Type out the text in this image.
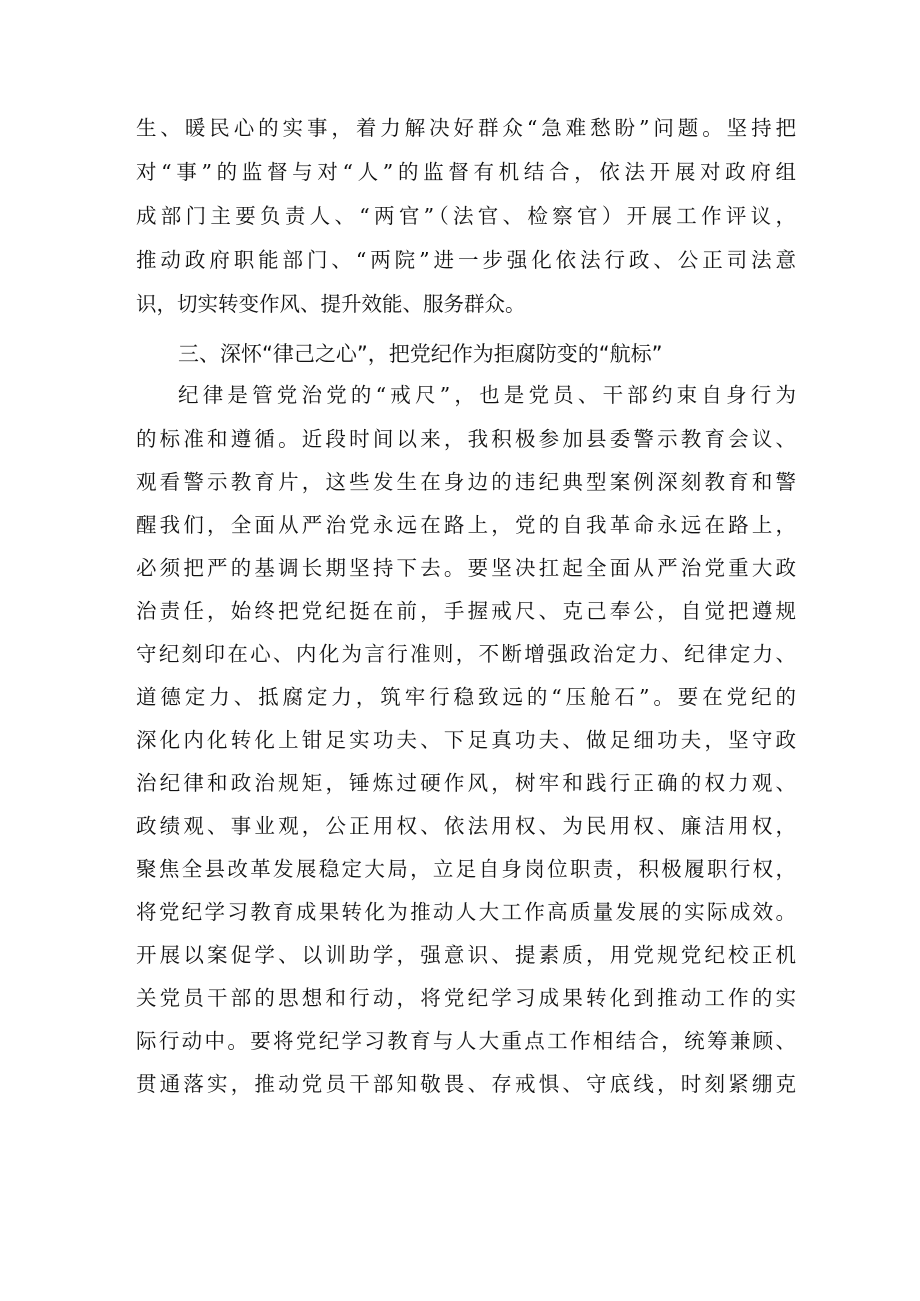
生、暖民心的实事，着力解决好群众“急难愁盼”问题。坚持把
对“事”的监督与对“人”的监督有机结合，依法开展对政府组
成部门主要负责人、“两官”（法官、检察官）开展工作评议，
推动政府职能部门、“两院”进一步强化依法行政、公正司法意
识，切实转变作风、提升效能、服务群众。
三、深怀“律己之心”，把党纪作为拒腐防变的“航标”
纪律是管党治党的“戒尺”，也是党员、干部约束自身行为
的标准和遵循。近段时间以来，我积极参加县委警示教育会议、
观看警示教育片，这些发生在身边的违纪典型案例深刻教育和警
醒我们，全面从严治党永远在路上，党的自我革命永远在路上，
必须把严的基调长期坚持下去。要坚决扛起全面从严治党重大政
治责任，始终把党纪挺在前，手握戒尺、克己奉公，自觉把遵规
守纪刻印在心、内化为言行准则，不断增强政治定力、纪律定力、
道德定力、抵腐定力，筑牢行稳致远的“压舱石”。要在党纪的
深化内化转化上钳足实功夫、下足真功夫、做足细功夫，坚守政
治纪律和政治规矩，锤炼过硬作风，树牢和践行正确的权力观、
政绩观、事业观，公正用权、依法用权、为民用权、廉洁用权，
聚焦全县改革发展稳定大局，立足自身岗位职责，积极履职行权，
将党纪学习教育成果转化为推动人大工作高质量发展的实际成效。
开展以案促学、以训助学，强意识、提素质，用党规党纪校正机
关党员干部的思想和行动，将党纪学习成果转化到推动工作的实
际行动中。要将党纪学习教育与人大重点工作相结合，统筹兼顾、
贯通落实，推动党员干部知敬畏、存戒惧、守底线，时刻紧绷克
